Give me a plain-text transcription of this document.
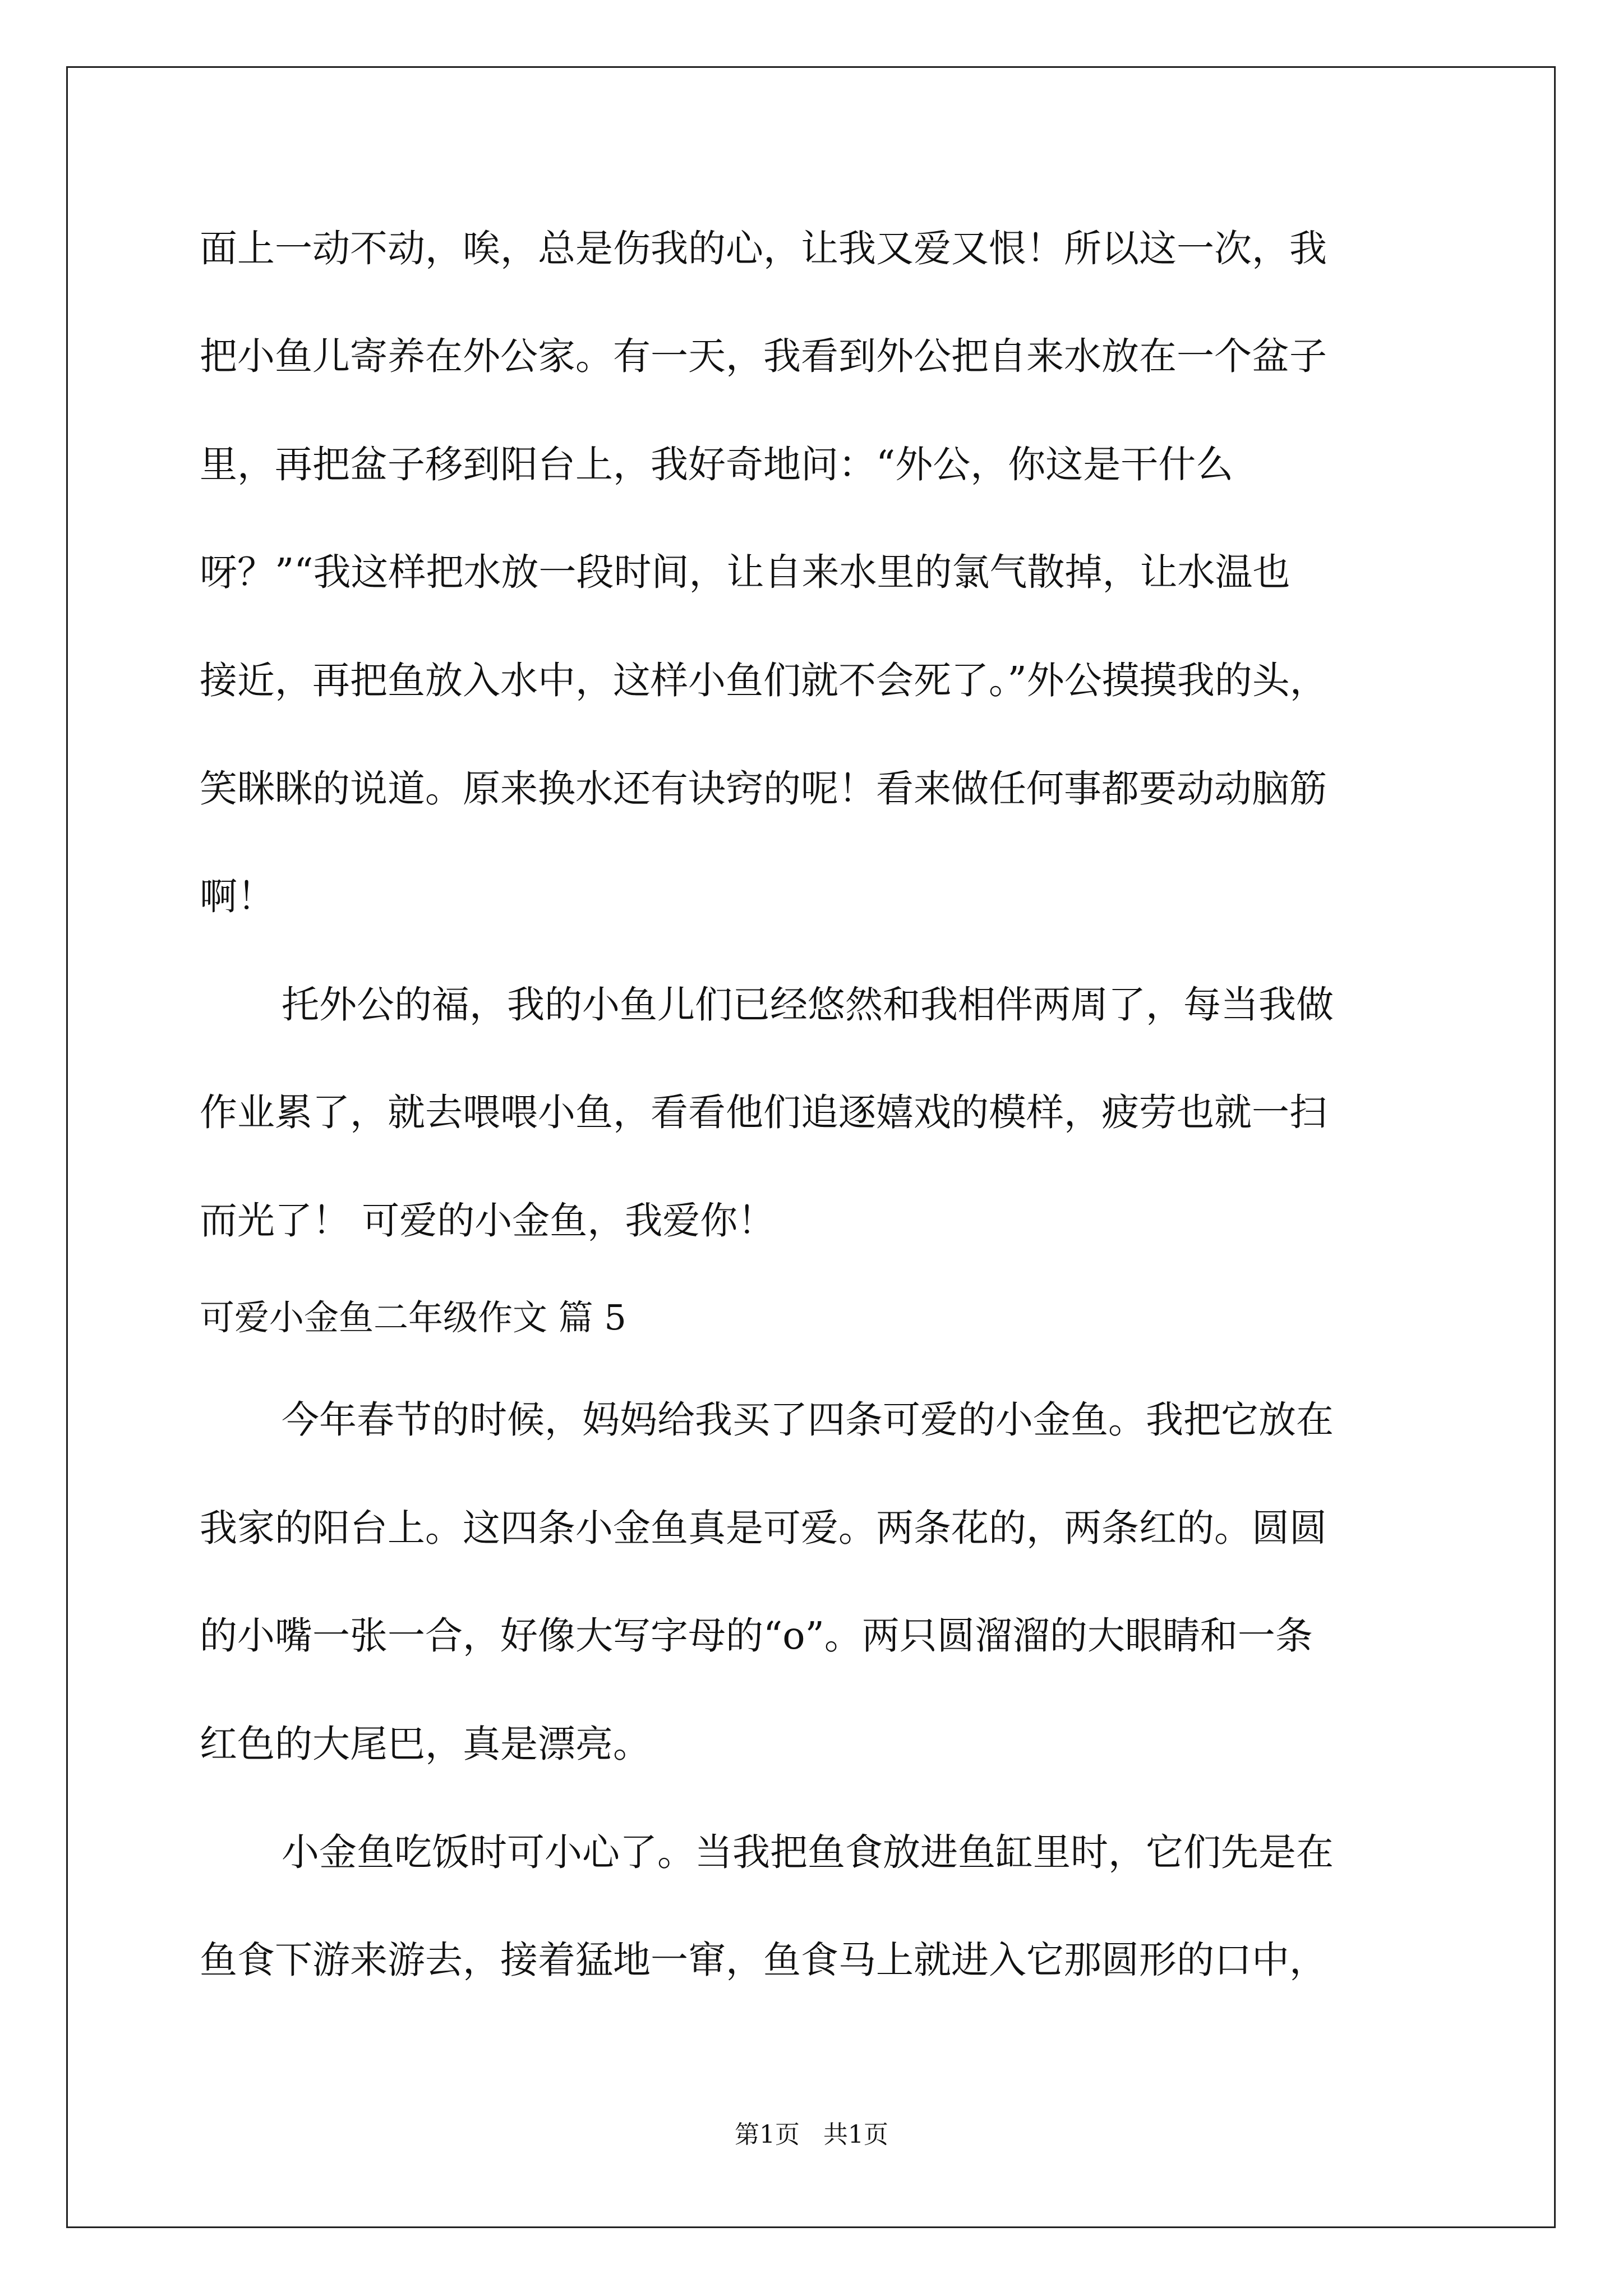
面上一动不动，唉，总是伤我的心，让我又爱又恨！所以这一次，我

把小鱼儿寄养在外公家。有一天，我看到外公把自来水放在一个盆子

里，再把盆子移到阳台上，我好奇地问：“外公，你这是干什么

呀？”“我这样把水放一段时间，让自来水里的氯气散掉，让水温也

接近，再把鱼放入水中，这样小鱼们就不会死了。”外公摸摸我的头，

笑眯眯的说道。原来换水还有诀窍的呢！看来做任何事都要动动脑筋

啊！

托外公的福，我的小鱼儿们已经悠然和我相伴两周了，每当我做

作业累了，就去喂喂小鱼，看看他们追逐嬉戏的模样，疲劳也就一扫

而光了！ 可爱的小金鱼，我爱你！

可爱小金鱼二年级作文 篇 5

今年春节的时候，妈妈给我买了四条可爱的小金鱼。我把它放在

我家的阳台上。这四条小金鱼真是可爱。两条花的，两条红的。圆圆

的小嘴一张一合，好像大写字母的“o”。两只圆溜溜的大眼睛和一条

红色的大尾巴，真是漂亮。

小金鱼吃饭时可小心了。当我把鱼食放进鱼缸里时，它们先是在

鱼食下游来游去，接着猛地一窜，鱼食马上就进入它那圆形的口中，

第1页   共1页
